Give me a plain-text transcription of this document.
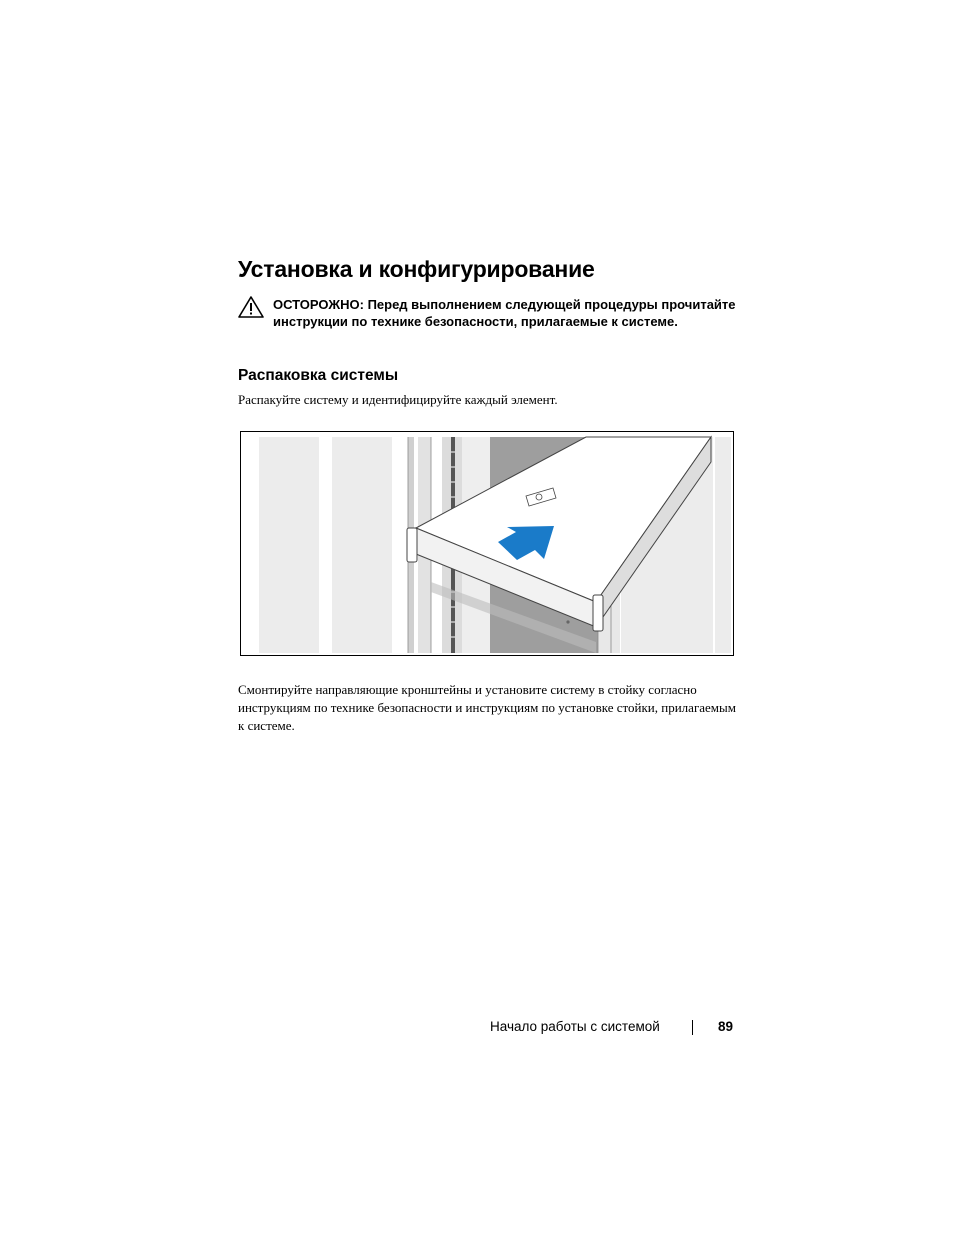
Установка и конфигурирование
ОСТОРОЖНО: Перед выполнением следующей процедуры прочитайте инструкции по технике безопасности, прилагаемые к системе.
Распаковка системы
Распакуйте систему и идентифицируйте каждый элемент.
Смонтируйте направляющие кронштейны и установите систему в стойку согласно инструкциям по технике безопасности и инструкциям по установке стойки, прилагаемым к системе.
Начало работы с системой	89
